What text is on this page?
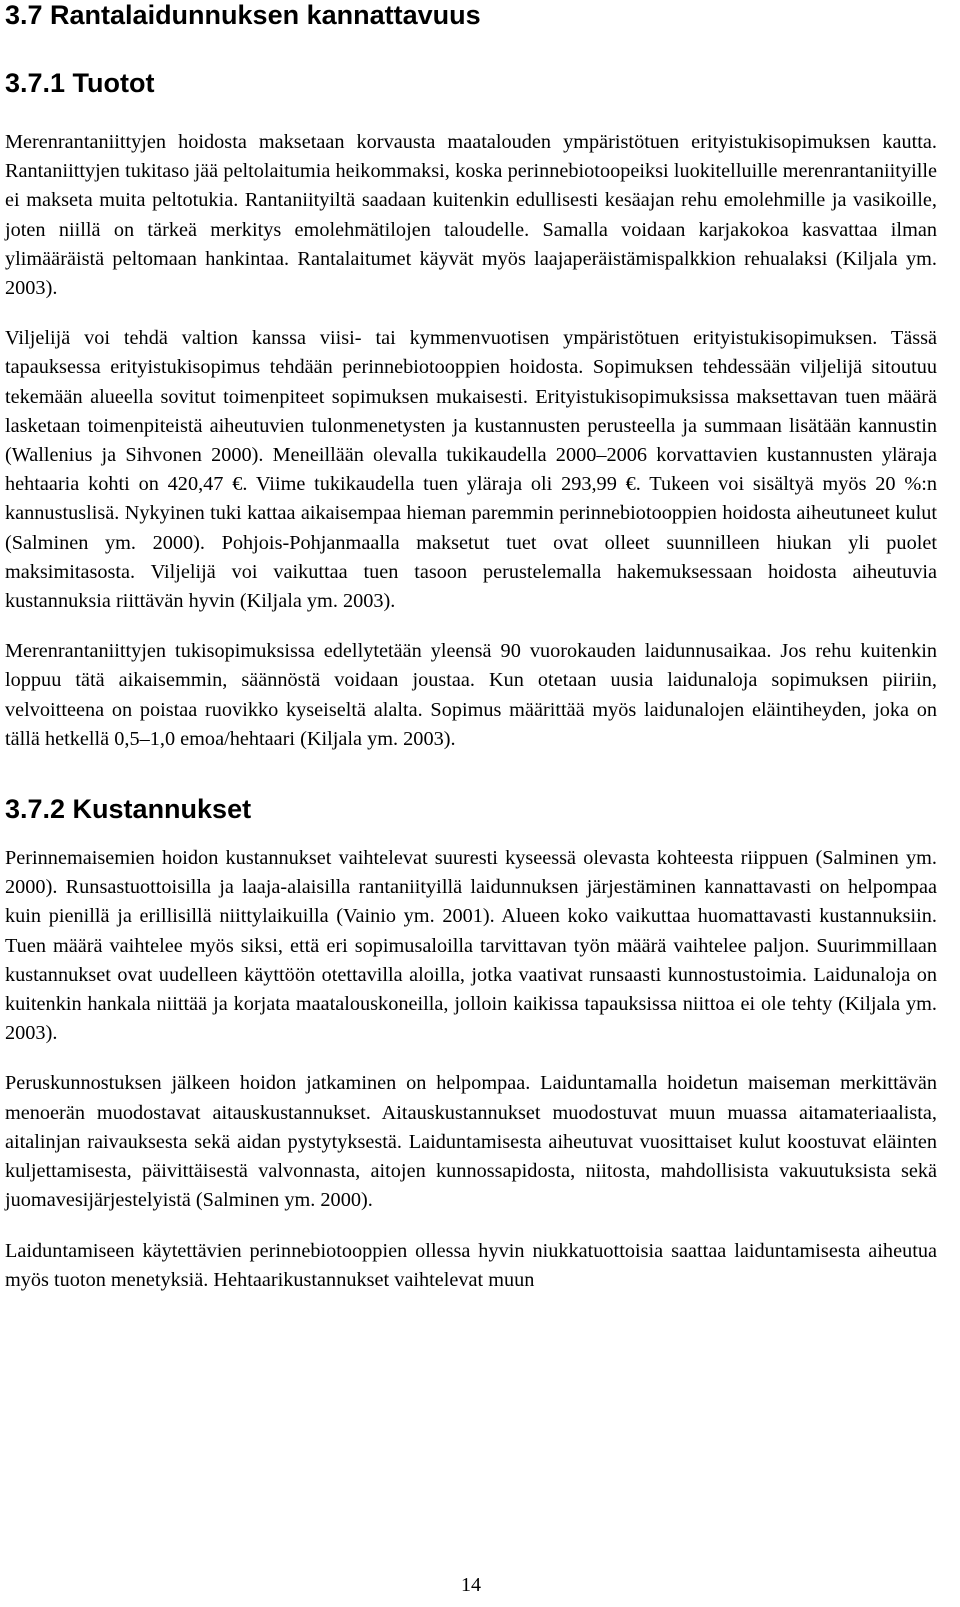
3.7 Rantalaidunnuksen kannattavuus
3.7.1 Tuotot

Merenrantaniittyjen hoidosta maksetaan korvausta maatalouden ympäristötuen erityistukisopimuksen kautta. Rantaniittyjen tukitaso jää peltolaitumia heikommaksi, koska perinnebiotoopeiksi luokitelluille merenrantaniityille ei makseta muita peltotukia. Rantaniityiltä saadaan kuitenkin edullisesti kesäajan rehu emolehmille ja vasikoille, joten niillä on tärkeä merkitys emolehmätilojen taloudelle. Samalla voidaan karjakokoa kasvattaa ilman ylimääräistä peltomaan hankintaa. Rantalaitumet käyvät myös laajaperäistämispalkkion rehualaksi (Kiljala ym. 2003).

Viljelijä voi tehdä valtion kanssa viisi- tai kymmenvuotisen ympäristötuen erityistukisopimuksen. Tässä tapauksessa erityistukisopimus tehdään perinnebiotooppien hoidosta. Sopimuksen tehdessään viljelijä sitoutuu tekemään alueella sovitut toimenpiteet sopimuksen mukaisesti. Erityistukisopimuksissa maksettavan tuen määrä lasketaan toimenpiteistä aiheutuvien tulonmenetysten ja kustannusten perusteella ja summaan lisätään kannustin (Wallenius ja Sihvonen 2000). Meneillään olevalla tukikaudella 2000–2006 korvattavien kustannusten yläraja hehtaaria kohti on 420,47 €. Viime tukikaudella tuen yläraja oli 293,99 €. Tukeen voi sisältyä myös 20 %:n kannustuslisä. Nykyinen tuki kattaa aikaisempaa hieman paremmin perinnebiotooppien hoidosta aiheutuneet kulut (Salminen ym. 2000). Pohjois-Pohjanmaalla maksetut tuet ovat olleet suunnilleen hiukan yli puolet maksimitasosta. Viljelijä voi vaikuttaa tuen tasoon perustelemalla hakemuksessaan hoidosta aiheutuvia kustannuksia riittävän hyvin (Kiljala ym. 2003).

Merenrantaniittyjen tukisopimuksissa edellytetään yleensä 90 vuorokauden laidunnusaikaa. Jos rehu kuitenkin loppuu tätä aikaisemmin, säännöstä voidaan joustaa. Kun otetaan uusia laidunaloja sopimuksen piiriin, velvoitteena on poistaa ruovikko kyseiseltä alalta. Sopimus määrittää myös laidunalojen eläintiheyden, joka on tällä hetkellä 0,5–1,0 emoa/hehtaari (Kiljala ym. 2003).

3.7.2 Kustannukset

Perinnemaisemien hoidon kustannukset vaihtelevat suuresti kyseessä olevasta kohteesta riippuen (Salminen ym. 2000). Runsastuottoisilla ja laaja-alaisilla rantaniityillä laidunnuksen järjestäminen kannattavasti on helpompaa kuin pienillä ja erillisillä niittylaikuilla (Vainio ym. 2001). Alueen koko vaikuttaa huomattavasti kustannuksiin. Tuen määrä vaihtelee myös siksi, että eri sopimusaloilla tarvittavan työn määrä vaihtelee paljon. Suurimmillaan kustannukset ovat uudelleen käyttöön otettavilla aloilla, jotka vaativat runsaasti kunnostustoimia. Laidunaloja on kuitenkin hankala niittää ja korjata maatalouskoneilla, jolloin kaikissa tapauksissa niittoa ei ole tehty (Kiljala ym. 2003).

Peruskunnostuksen jälkeen hoidon jatkaminen on helpompaa. Laiduntamalla hoidetun maiseman merkittävän menoerän muodostavat aitauskustannukset. Aitauskustannukset muodostuvat muun muassa aitamateriaalista, aitalinjan raivauksesta sekä aidan pystytyksestä. Laiduntamisesta aiheutuvat vuosittaiset kulut koostuvat eläinten kuljettamisesta, päivittäisestä valvonnasta, aitojen kunnossapidosta, niitosta, mahdollisista vakuutuksista sekä juomavesijärjestelyistä (Salminen ym. 2000).

Laiduntamiseen käytettävien perinnebiotooppien ollessa hyvin niukkatuottoisia saattaa laiduntamisesta aiheutua myös tuoton menetyksiä. Hehtaarikustannukset vaihtelevat muun

14
